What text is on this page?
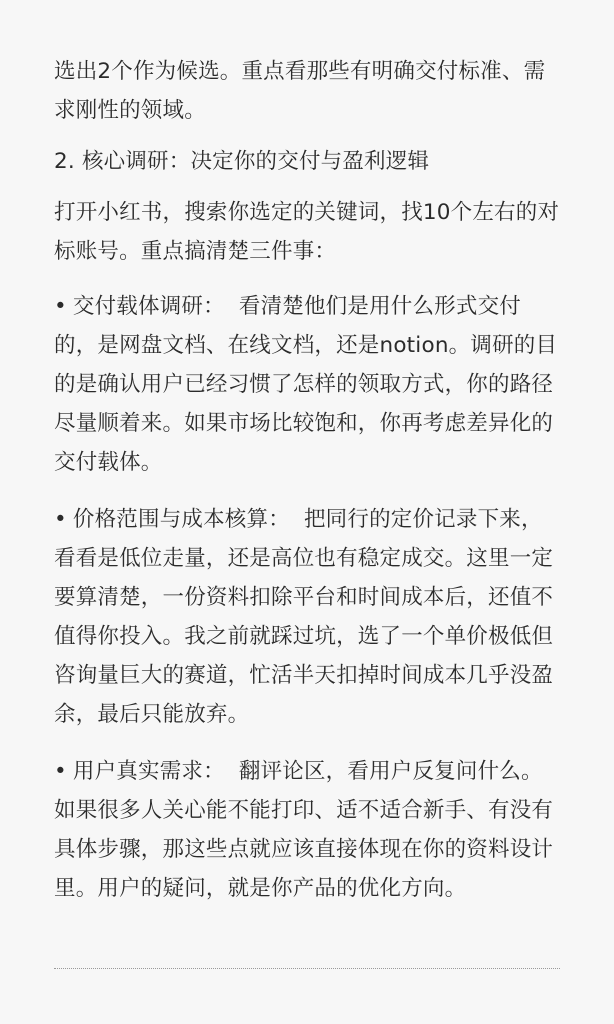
选出2个作为候选。重点看那些有明确交付标准、需求刚性的领域。

2. 核心调研：决定你的交付与盈利逻辑

打开小红书，搜索你选定的关键词，找10个左右的对标账号。重点搞清楚三件事：

• 交付载体调研： 看清楚他们是用什么形式交付的，是网盘文档、在线文档，还是notion。调研的目的是确认用户已经习惯了怎样的领取方式，你的路径尽量顺着来。如果市场比较饱和，你再考虑差异化的交付载体。

• 价格范围与成本核算： 把同行的定价记录下来，看看是低位走量，还是高位也有稳定成交。这里一定要算清楚，一份资料扣除平台和时间成本后，还值不值得你投入。我之前就踩过坑，选了一个单价极低但咨询量巨大的赛道，忙活半天扣掉时间成本几乎没盈余，最后只能放弃。

• 用户真实需求： 翻评论区，看用户反复问什么。如果很多人关心能不能打印、适不适合新手、有没有具体步骤，那这些点就应该直接体现在你的资料设计里。用户的疑问，就是你产品的优化方向。
